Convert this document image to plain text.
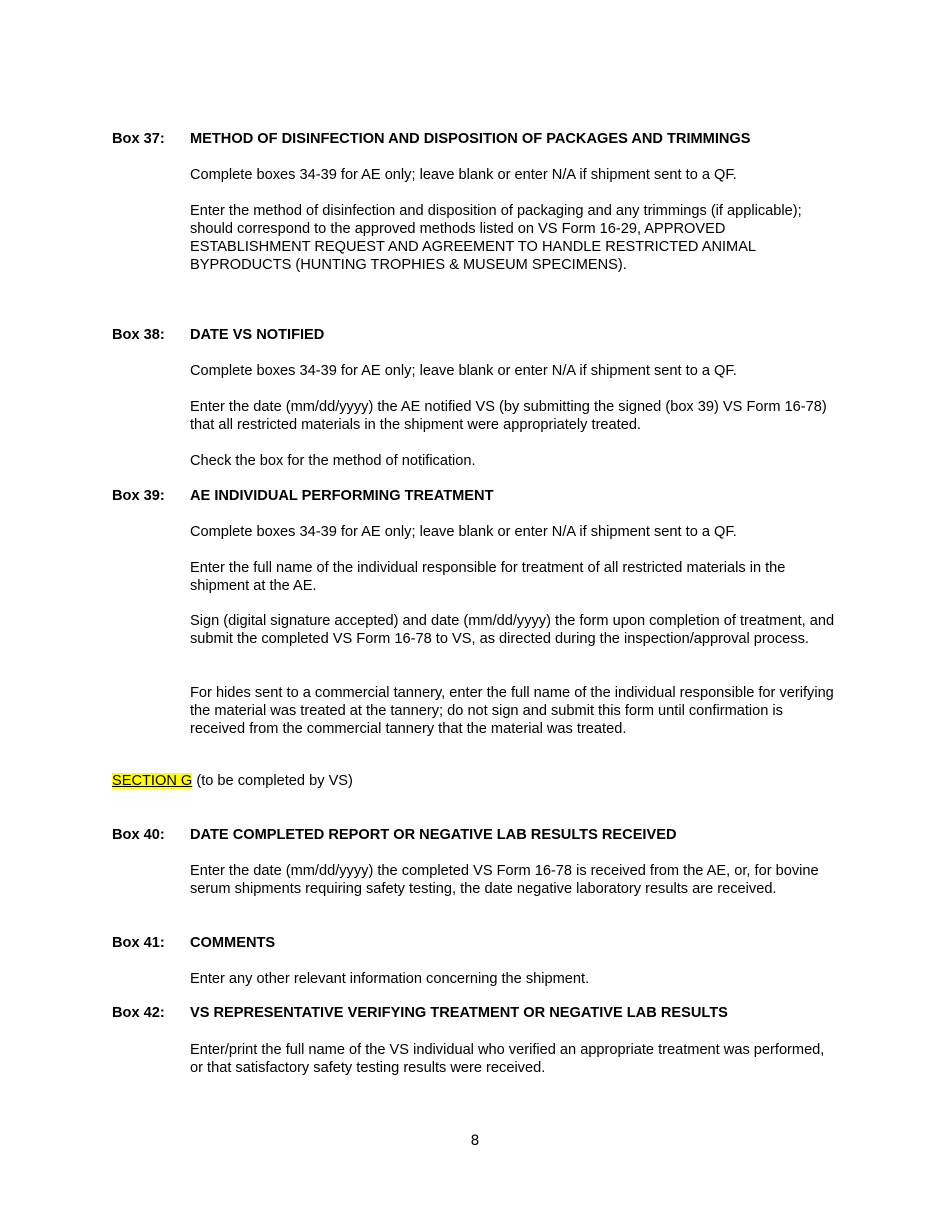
Box 37: METHOD OF DISINFECTION AND DISPOSITION OF PACKAGES AND TRIMMINGS
Complete boxes 34-39 for AE only; leave blank or enter N/A if shipment sent to a QF.
Enter the method of disinfection and disposition of packaging and any trimmings (if applicable); should correspond to the approved methods listed on VS Form 16-29, APPROVED ESTABLISHMENT REQUEST AND AGREEMENT TO HANDLE RESTRICTED ANIMAL BYPRODUCTS (HUNTING TROPHIES & MUSEUM SPECIMENS).
Box 38: DATE VS NOTIFIED
Complete boxes 34-39 for AE only; leave blank or enter N/A if shipment sent to a QF.
Enter the date (mm/dd/yyyy) the AE notified VS (by submitting the signed (box 39) VS Form 16-78) that all restricted materials in the shipment were appropriately treated.
Check the box for the method of notification.
Box 39: AE INDIVIDUAL PERFORMING TREATMENT
Complete boxes 34-39 for AE only; leave blank or enter N/A if shipment sent to a QF.
Enter the full name of the individual responsible for treatment of all restricted materials in the shipment at the AE.
Sign (digital signature accepted) and date (mm/dd/yyyy) the form upon completion of treatment, and submit the completed VS Form 16-78 to VS, as directed during the inspection/approval process.
For hides sent to a commercial tannery, enter the full name of the individual responsible for verifying the material was treated at the tannery; do not sign and submit this form until confirmation is received from the commercial tannery that the material was treated.
SECTION G (to be completed by VS)
Box 40: DATE COMPLETED REPORT OR NEGATIVE LAB RESULTS RECEIVED
Enter the date (mm/dd/yyyy) the completed VS Form 16-78 is received from the AE, or, for bovine serum shipments requiring safety testing, the date negative laboratory results are received.
Box 41: COMMENTS
Enter any other relevant information concerning the shipment.
Box 42: VS REPRESENTATIVE VERIFYING TREATMENT OR NEGATIVE LAB RESULTS
Enter/print the full name of the VS individual who verified an appropriate treatment was performed, or that satisfactory safety testing results were received.
8
